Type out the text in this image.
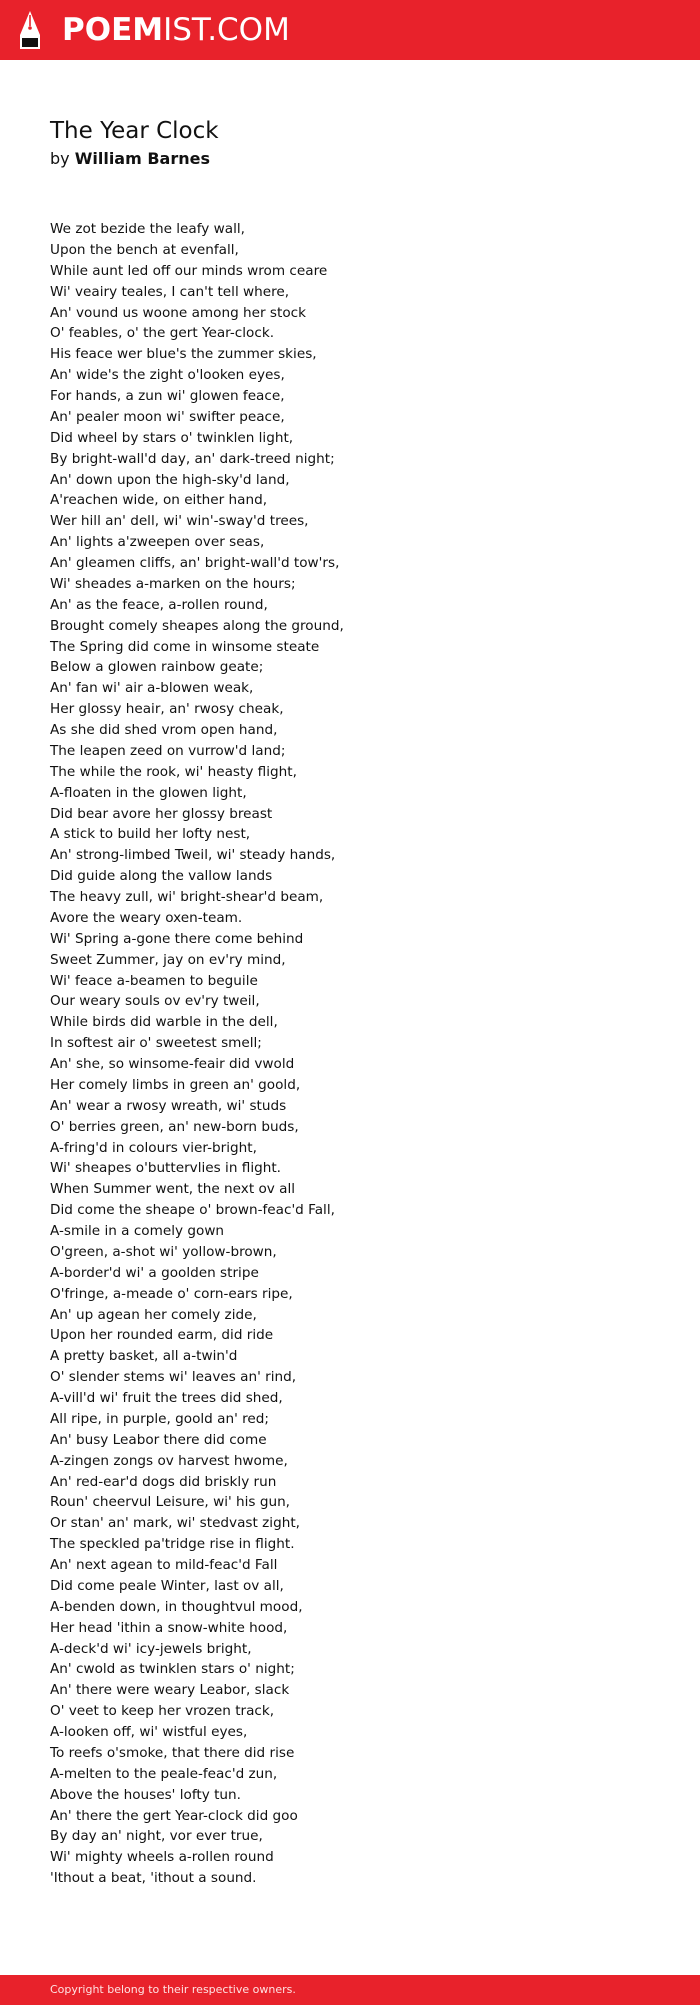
POEMIST.COM
The Year Clock
by William Barnes
We zot bezide the leafy wall,
Upon the bench at evenfall,
While aunt led off our minds wrom ceare
Wi' veairy teales, I can't tell where,
An' vound us woone among her stock
O' feables, o' the gert Year-clock.
His feace wer blue's the zummer skies,
An' wide's the zight o'looken eyes,
For hands, a zun wi' glowen feace,
An' pealer moon wi' swifter peace,
Did wheel by stars o' twinklen light,
By bright-wall'd day, an' dark-treed night;
An' down upon the high-sky'd land,
A'reachen wide, on either hand,
Wer hill an' dell, wi' win'-sway'd trees,
An' lights a'zweepen over seas,
An' gleamen cliffs, an' bright-wall'd tow'rs,
Wi' sheades a-marken on the hours;
An' as the feace, a-rollen round,
Brought comely sheapes along the ground,
The Spring did come in winsome steate
Below a glowen rainbow geate;
An' fan wi' air a-blowen weak,
Her glossy heair, an' rwosy cheak,
As she did shed vrom open hand,
The leapen zeed on vurrow'd land;
The while the rook, wi' heasty flight,
A-floaten in the glowen light,
Did bear avore her glossy breast
A stick to build her lofty nest,
An' strong-limbed Tweil, wi' steady hands,
Did guide along the vallow lands
The heavy zull, wi' bright-shear'd beam,
Avore the weary oxen-team.
Wi' Spring a-gone there come behind
Sweet Zummer, jay on ev'ry mind,
Wi' feace a-beamen to beguile
Our weary souls ov ev'ry tweil,
While birds did warble in the dell,
In softest air o' sweetest smell;
An' she, so winsome-feair did vwold
Her comely limbs in green an' goold,
An' wear a rwosy wreath, wi' studs
O' berries green, an' new-born buds,
A-fring'd in colours vier-bright,
Wi' sheapes o'buttervlies in flight.
When Summer went, the next ov all
Did come the sheape o' brown-feac'd Fall,
A-smile in a comely gown
O'green, a-shot wi' yollow-brown,
A-border'd wi' a goolden stripe
O'fringe, a-meade o' corn-ears ripe,
An' up agean her comely zide,
Upon her rounded earm, did ride
A pretty basket, all a-twin'd
O' slender stems wi' leaves an' rind,
A-vill'd wi' fruit the trees did shed,
All ripe, in purple, goold an' red;
An' busy Leabor there did come
A-zingen zongs ov harvest hwome,
An' red-ear'd dogs did briskly run
Roun' cheervul Leisure, wi' his gun,
Or stan' an' mark, wi' stedvast zight,
The speckled pa'tridge rise in flight.
An' next agean to mild-feac'd Fall
Did come peale Winter, last ov all,
A-benden down, in thoughtvul mood,
Her head 'ithin a snow-white hood,
A-deck'd wi' icy-jewels bright,
An' cwold as twinklen stars o' night;
An' there were weary Leabor, slack
O' veet to keep her vrozen track,
A-looken off, wi' wistful eyes,
To reefs o'smoke, that there did rise
A-melten to the peale-feac'd zun,
Above the houses' lofty tun.
An' there the gert Year-clock did goo
By day an' night, vor ever true,
Wi' mighty wheels a-rollen round
'Ithout a beat, 'ithout a sound.
Copyright belong to their respective owners.
